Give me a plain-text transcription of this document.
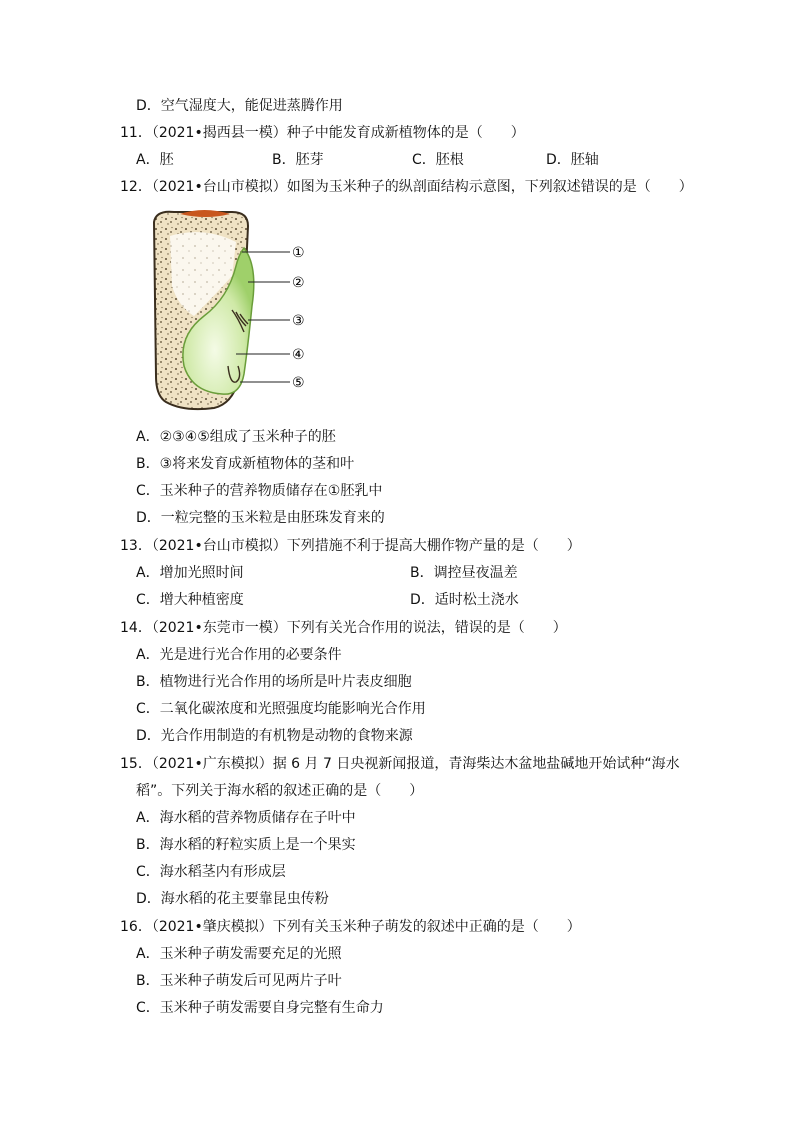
D．空气湿度大，能促进蒸腾作用
11．（2021•揭西县一模）种子中能发育成新植物体的是（　　）
A．胚	B．胚芽	C．胚根	D．胚轴
12．（2021•台山市模拟）如图为玉米种子的纵剖面结构示意图，下列叙述错误的是（　　）
①
②
③
④
⑤
A．②③④⑤组成了玉米种子的胚
B．③将来发育成新植物体的茎和叶
C．玉米种子的营养物质储存在①胚乳中
D．一粒完整的玉米粒是由胚珠发育来的
13．（2021•台山市模拟）下列措施不利于提高大棚作物产量的是（　　）
A．增加光照时间	B．调控昼夜温差
C．增大种植密度	D．适时松土浇水
14．（2021•东莞市一模）下列有关光合作用的说法，错误的是（　　）
A．光是进行光合作用的必要条件
B．植物进行光合作用的场所是叶片表皮细胞
C．二氧化碳浓度和光照强度均能影响光合作用
D．光合作用制造的有机物是动物的食物来源
15．（2021•广东模拟）据 6 月 7 日央视新闻报道，青海柴达木盆地盐碱地开始试种“海水
稻”。下列关于海水稻的叙述正确的是（　　）
A．海水稻的营养物质储存在子叶中
B．海水稻的籽粒实质上是一个果实
C．海水稻茎内有形成层
D．海水稻的花主要靠昆虫传粉
16．（2021•肇庆模拟）下列有关玉米种子萌发的叙述中正确的是（　　）
A．玉米种子萌发需要充足的光照
B．玉米种子萌发后可见两片子叶
C．玉米种子萌发需要自身完整有生命力
